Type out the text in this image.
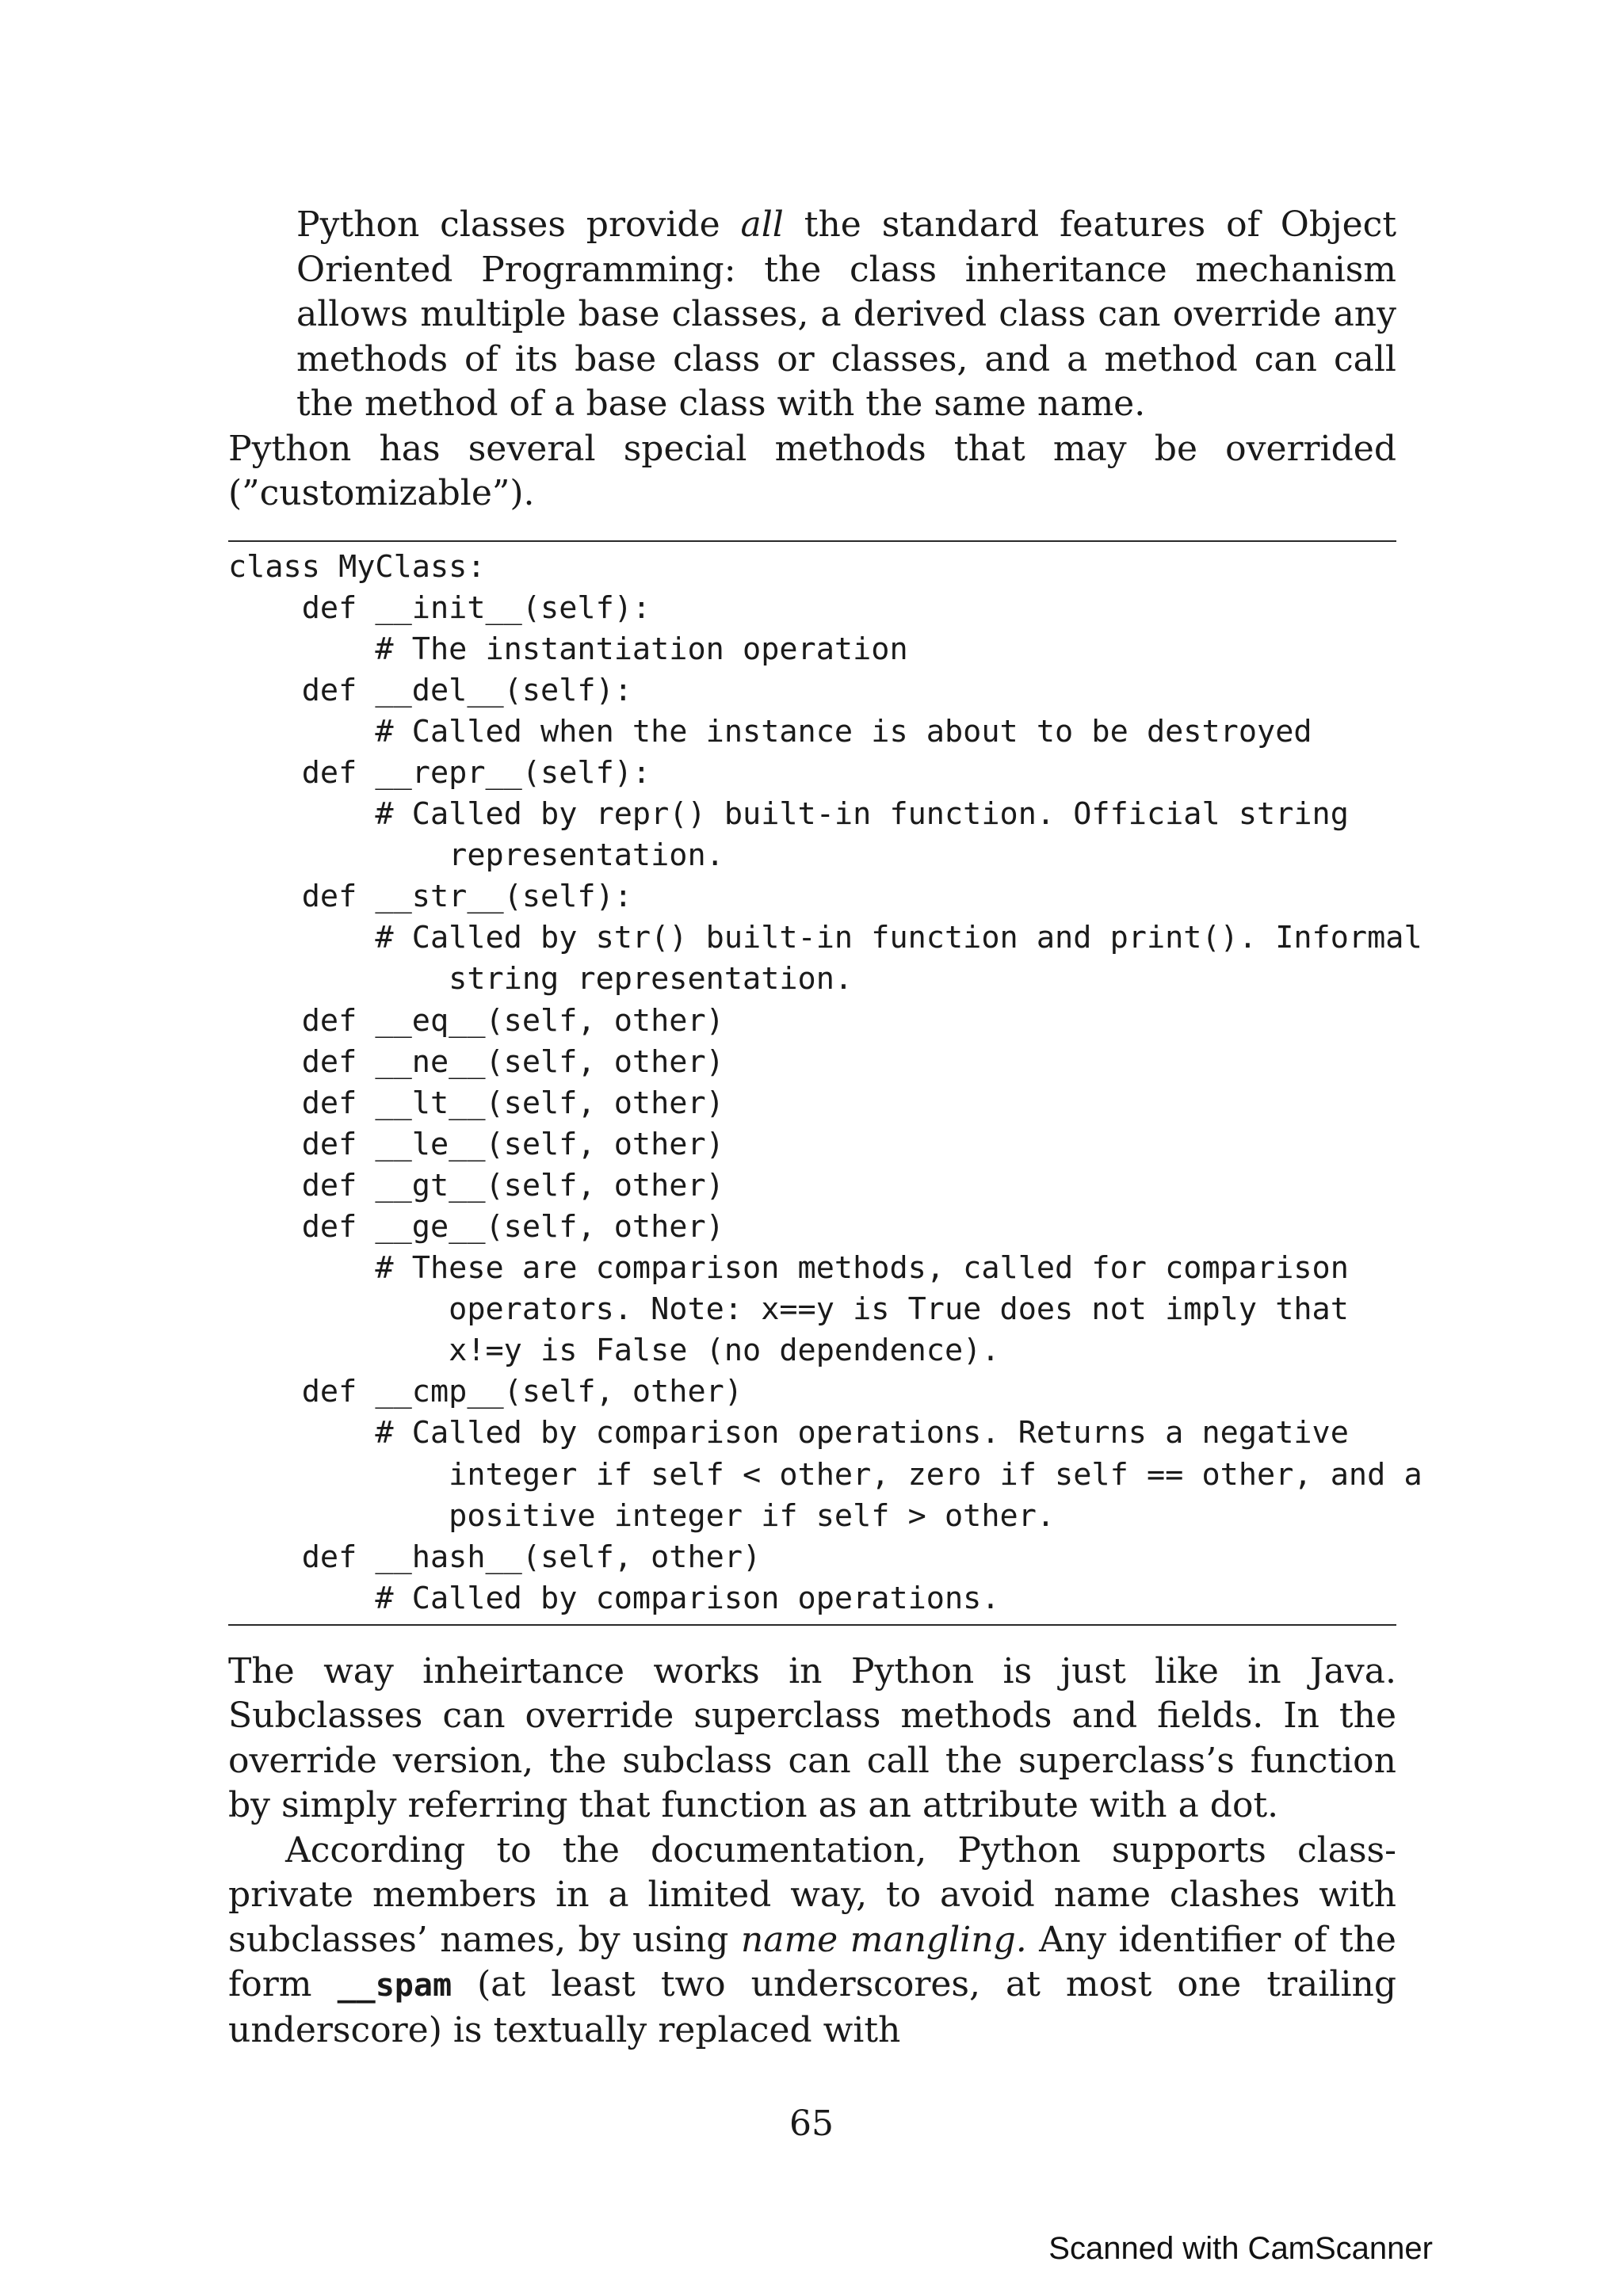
Python classes provide all the standard features of Object Oriented Programming: the class inheritance mechanism allows multiple base classes, a derived class can override any methods of its base class or classes, and a method can call the method of a base class with the same name.

Python has several special methods that may be overrided (”customizable”).

class MyClass:
def __init__(self):
# The instantiation operation
def __del__(self):
# Called when the instance is about to be destroyed
def __repr__(self):
# Called by repr() built-in function. Official string
representation.
def __str__(self):
# Called by str() built-in function and print(). Informal
string representation.
def __eq__(self, other)
def __ne__(self, other)
def __lt__(self, other)
def __le__(self, other)
def __gt__(self, other)
def __ge__(self, other)
# These are comparison methods, called for comparison
operators. Note: x==y is True does not imply that
x!=y is False (no dependence).
def __cmp__(self, other)
# Called by comparison operations. Returns a negative
integer if self < other, zero if self == other, and a
positive integer if self > other.
def __hash__(self, other)
# Called by comparison operations.

The way inheirtance works in Python is just like in Java. Subclasses can override superclass methods and fields. In the override version, the subclass can call the superclass’s function by simply referring that function as an attribute with a dot.

According to the documentation, Python supports class-private members in a limited way, to avoid name clashes with subclasses’ names, by using name mangling. Any identifier of the form __spam (at least two underscores, at most one trailing underscore) is textually replaced with

65
Scanned with CamScanner
